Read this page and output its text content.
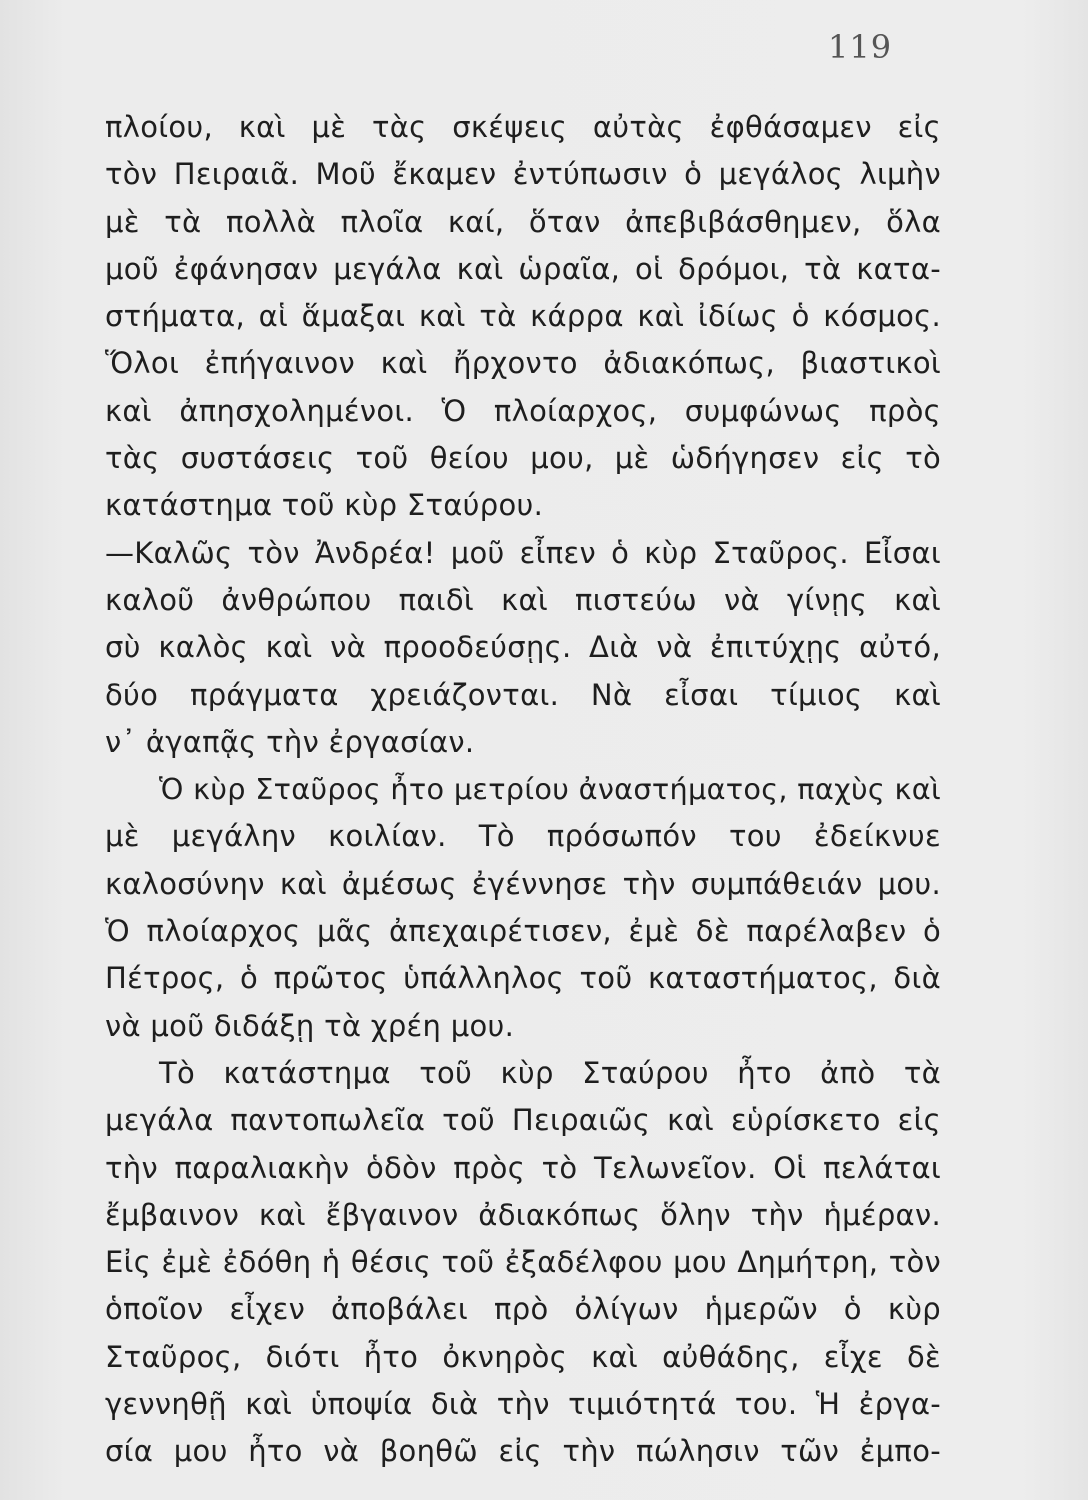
119
πλοίου, καὶ μὲ τὰς σκέψεις αὐτὰς ἐφθάσαμεν εἰς
τὸν Πειραιᾶ. Μοῦ ἔκαμεν ἐντύπωσιν ὁ μεγάλος λιμὴν
μὲ τὰ πολλὰ πλοῖα καί, ὅταν ἀπεβιβάσθημεν, ὅλα
μοῦ ἐφάνησαν μεγάλα καὶ ὡραῖα, οἱ δρόμοι, τὰ κατα-
στήματα, αἱ ἅμαξαι καὶ τὰ κάρρα καὶ ἰδίως ὁ κόσμος.
Ὅλοι ἐπήγαινον καὶ ἤρχοντο ἀδιακόπως, βιαστικοὶ
καὶ ἀπησχολημένοι. Ὁ πλοίαρχος, συμφώνως πρὸς
τὰς συστάσεις τοῦ θείου μου, μὲ ὡδήγησεν εἰς τὸ
κατάστημα τοῦ κὺρ Σταύρου.
—Καλῶς τὸν Ἀνδρέα! μοῦ εἶπεν ὁ κὺρ Σταῦρος. Εἶσαι
καλοῦ ἀνθρώπου παιδὶ καὶ πιστεύω νὰ γίνῃς καὶ
σὺ καλὸς καὶ νὰ προοδεύσῃς. Διὰ νὰ ἐπιτύχῃς αὐτό,
δύο πράγματα χρειάζονται. Νὰ εἶσαι τίμιος καὶ
ν᾿ ἀγαπᾷς τὴν ἐργασίαν.
Ὁ κὺρ Σταῦρος ἦτο μετρίου ἀναστήματος, παχὺς καὶ
μὲ μεγάλην κοιλίαν. Τὸ πρόσωπόν του ἐδείκνυε
καλοσύνην καὶ ἀμέσως ἐγέννησε τὴν συμπάθειάν μου.
Ὁ πλοίαρχος μᾶς ἀπεχαιρέτισεν, ἐμὲ δὲ παρέλαβεν ὁ
Πέτρος, ὁ πρῶτος ὑπάλληλος τοῦ καταστήματος, διὰ
νὰ μοῦ διδάξῃ τὰ χρέη μου.
Τὸ κατάστημα τοῦ κὺρ Σταύρου ἦτο ἀπὸ τὰ
μεγάλα παντοπωλεῖα τοῦ Πειραιῶς καὶ εὑρίσκετο εἰς
τὴν παραλιακὴν ὁδὸν πρὸς τὸ Τελωνεῖον. Οἱ πελάται
ἔμβαινον καὶ ἔβγαινον ἀδιακόπως ὅλην τὴν ἡμέραν.
Εἰς ἐμὲ ἐδόθη ἡ θέσις τοῦ ἐξαδέλφου μου Δημήτρη, τὸν
ὁποῖον εἶχεν ἀποβάλει πρὸ ὀλίγων ἡμερῶν ὁ κὺρ
Σταῦρος, διότι ἦτο ὀκνηρὸς καὶ αὐθάδης, εἶχε δὲ
γεννηθῇ καὶ ὑποψία διὰ τὴν τιμιότητά του. Ἡ ἐργα-
σία μου ἦτο νὰ βοηθῶ εἰς τὴν πώλησιν τῶν ἐμπο-
